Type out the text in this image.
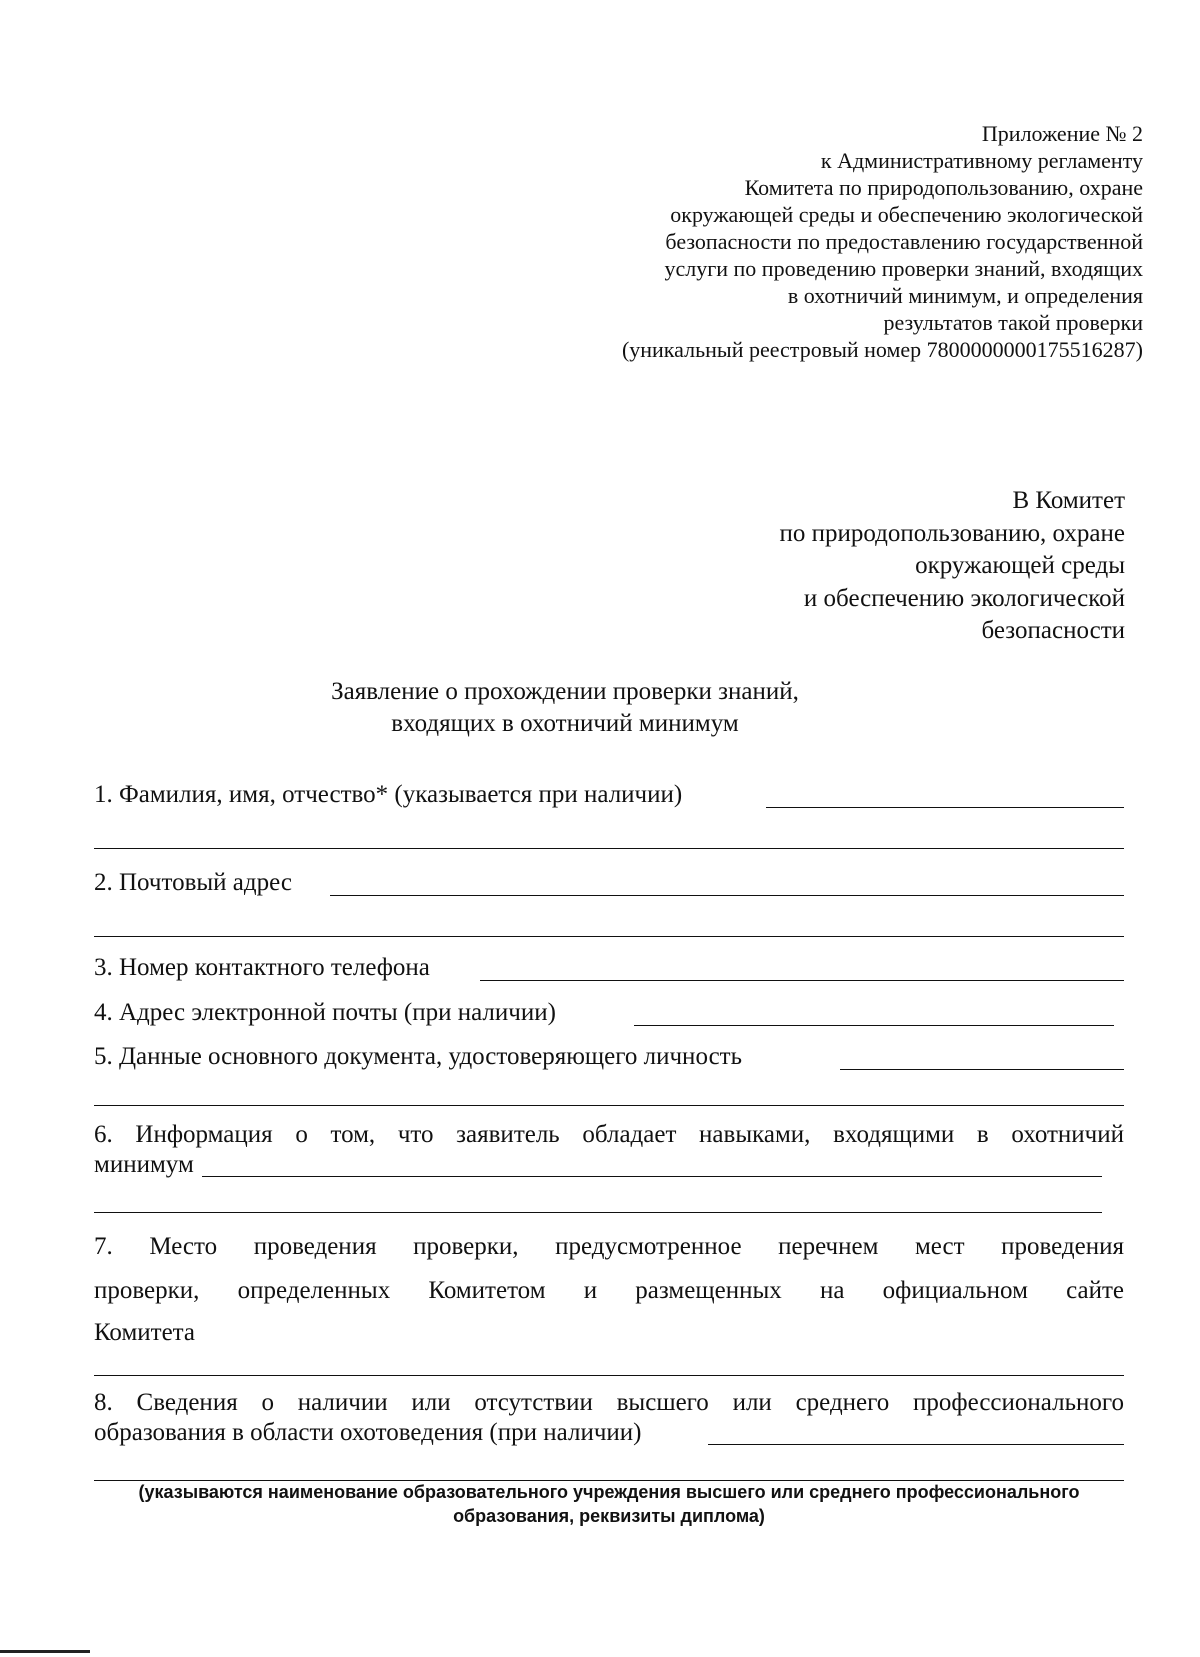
Приложение № 2
к Административному регламенту
Комитета по природопользованию, охране
окружающей среды и обеспечению экологической
безопасности по предоставлению государственной
услуги по проведению проверки знаний, входящих
в охотничий минимум, и определения
результатов такой проверки
(уникальный реестровый номер 7800000000175516287)
В Комитет
по природопользованию, охране
окружающей среды
и обеспечению экологической
безопасности
Заявление о прохождении проверки знаний,
входящих в охотничий минимум
1. Фамилия, имя, отчество* (указывается при наличии)
2. Почтовый адрес
3. Номер контактного телефона
4. Адрес электронной почты (при наличии)
5. Данные основного документа, удостоверяющего личность
6. Информация о том, что заявитель обладает навыками, входящими в охотничий
минимум
7. Место проведения проверки, предусмотренное перечнем мест проведения
проверки, определенных Комитетом и размещенных на официальном сайте
Комитета
8. Сведения о наличии или отсутствии высшего или среднего профессионального
образования в области охотоведения (при наличии)
(указываются наименование образовательного учреждения высшего или среднего профессионального
образования, реквизиты диплома)
